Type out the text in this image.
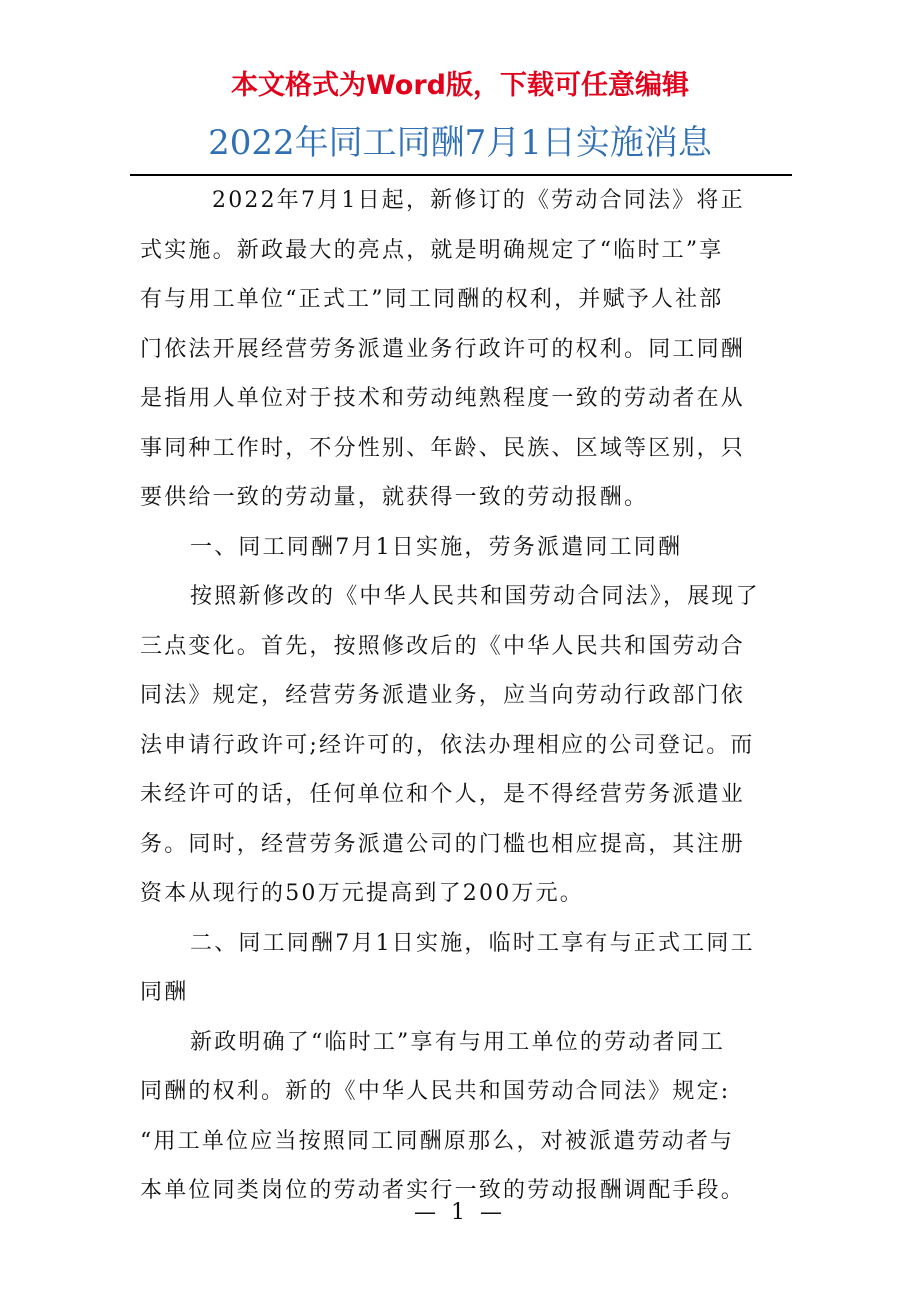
本文格式为Word版，下载可任意编辑
2022年同工同酬7月1日实施消息
2022年7月1日起，新修订的《劳动合同法》将正
式实施。新政最大的亮点，就是明确规定了“临时工”享
有与用工单位“正式工”同工同酬的权利，并赋予人社部
门依法开展经营劳务派遣业务行政许可的权利。同工同酬
是指用人单位对于技术和劳动纯熟程度一致的劳动者在从
事同种工作时，不分性别、年龄、民族、区域等区别，只
要供给一致的劳动量，就获得一致的劳动报酬。
一、同工同酬7月1日实施，劳务派遣同工同酬
按照新修改的《中华人民共和国劳动合同法》，展现了
三点变化。首先，按照修改后的《中华人民共和国劳动合
同法》规定，经营劳务派遣业务，应当向劳动行政部门依
法申请行政许可;经许可的，依法办理相应的公司登记。而
未经许可的话，任何单位和个人，是不得经营劳务派遣业
务。同时，经营劳务派遣公司的门槛也相应提高，其注册
资本从现行的50万元提高到了200万元。
二、同工同酬7月1日实施，临时工享有与正式工同工
同酬
新政明确了“临时工”享有与用工单位的劳动者同工
同酬的权利。新的《中华人民共和国劳动合同法》规定:
“用工单位应当按照同工同酬原那么，对被派遣劳动者与
本单位同类岗位的劳动者实行一致的劳动报酬调配手段。
— 1 —
